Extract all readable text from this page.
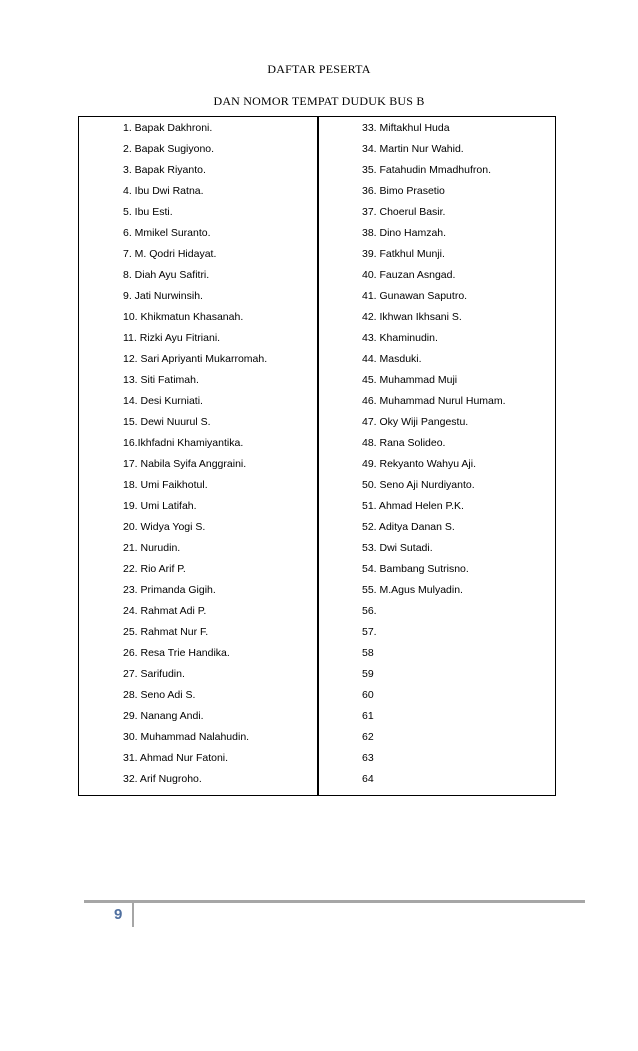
DAFTAR PESERTA
DAN NOMOR TEMPAT DUDUK BUS B
1. Bapak Dakhroni.
2. Bapak Sugiyono.
3. Bapak Riyanto.
4. Ibu Dwi Ratna.
5. Ibu Esti.
6. Mmikel Suranto.
7. M. Qodri Hidayat.
8. Diah Ayu Safitri.
9. Jati Nurwinsih.
10. Khikmatun Khasanah.
11. Rizki Ayu Fitriani.
12. Sari Apriyanti Mukarromah.
13. Siti Fatimah.
14. Desi Kurniati.
15. Dewi Nuurul S.
16.Ikhfadni Khamiyantika.
17. Nabila Syifa Anggraini.
18. Umi Faikhotul.
19. Umi Latifah.
20. Widya Yogi S.
21. Nurudin.
22. Rio Arif P.
23. Primanda Gigih.
24. Rahmat Adi P.
25. Rahmat Nur F.
26. Resa Trie Handika.
27. Sarifudin.
28. Seno Adi S.
29. Nanang Andi.
30. Muhammad Nalahudin.
31. Ahmad Nur Fatoni.
32. Arif Nugroho.
33. Miftakhul Huda
34. Martin Nur Wahid.
35. Fatahudin Mmadhufron.
36. Bimo Prasetio
37. Choerul Basir.
38. Dino Hamzah.
39. Fatkhul Munji.
40. Fauzan Asngad.
41. Gunawan Saputro.
42. Ikhwan Ikhsani S.
43. Khaminudin.
44. Masduki.
45. Muhammad Muji
46. Muhammad Nurul Humam.
47. Oky Wiji Pangestu.
48. Rana Solideo.
49. Rekyanto Wahyu Aji.
50. Seno Aji Nurdiyanto.
51. Ahmad Helen P.K.
52. Aditya Danan S.
53. Dwi Sutadi.
54. Bambang Sutrisno.
55. M.Agus Mulyadin.
56.
57.
58
59
60
61
62
63
64
9
